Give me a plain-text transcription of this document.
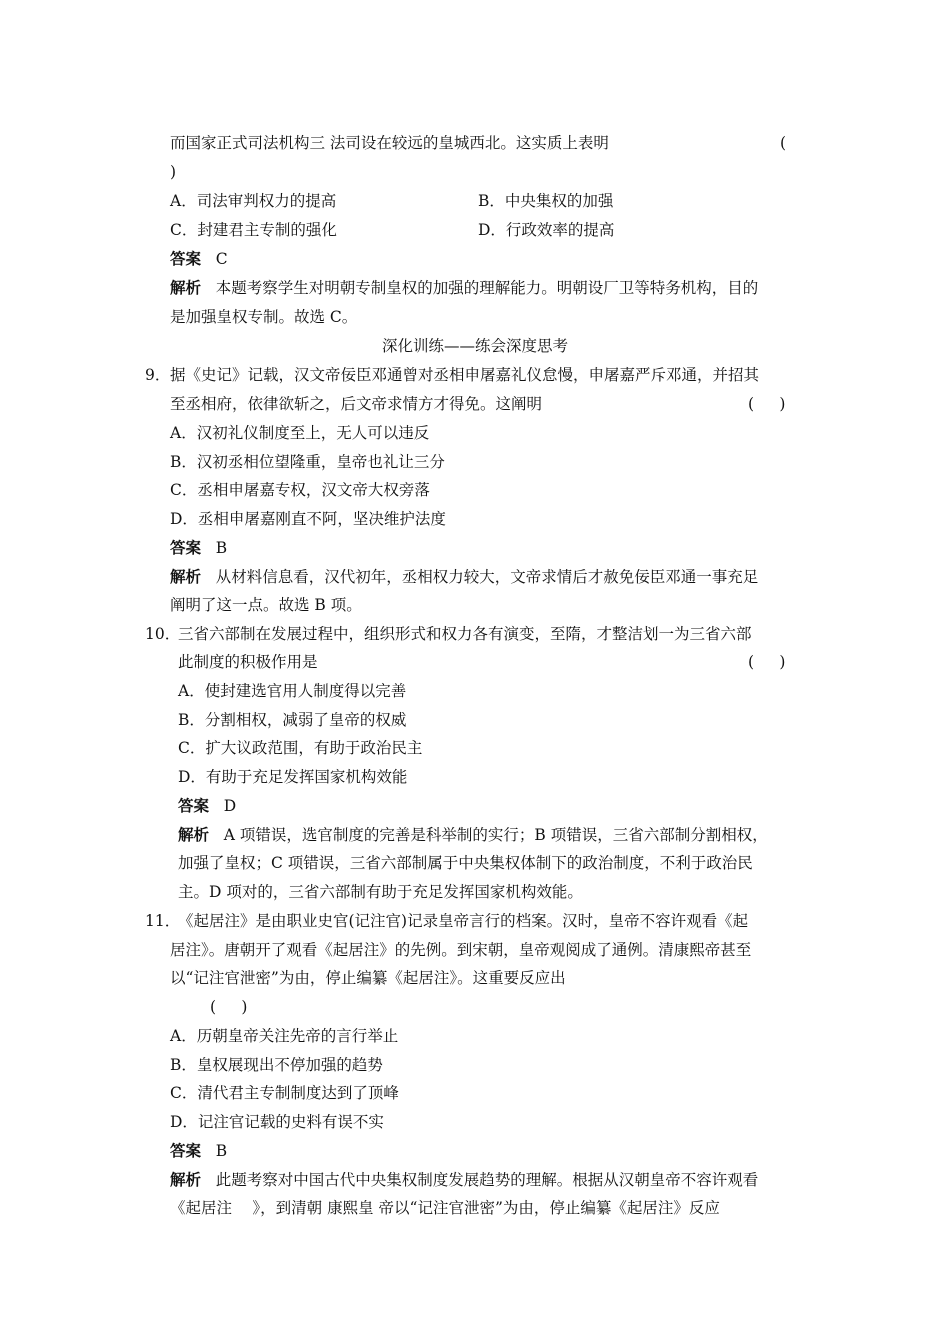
而国家正式司法机构三 法司设在较远的皇城西北。这实质上表明	(
)
A．司法审判权力的提高	B．中央集权的加强
C．封建君主专制的强化	D．行政效率的提高
答案 C
解析 本题考察学生对明朝专制皇权的加强的理解能力。明朝设厂卫等特务机构，目的
是加强皇权专制。故选 C。
深化训练——练会深度思考
9． 据《史记》记载，汉文帝佞臣邓通曾对丞相申屠嘉礼仪怠慢，申屠嘉严斥邓通，并招其
至丞相府，依律欲斩之，后文帝求情方才得免。这阐明	(　  )
A．汉初礼仪制度至上，无人可以违反
B．汉初丞相位望隆重，皇帝也礼让三分
C．丞相申屠嘉专权，汉文帝大权旁落
D．丞相申屠嘉刚直不阿，坚决维护法度
答案 B
解析 从材料信息看，汉代初年，丞相权力较大，文帝求情后才赦免佞臣邓通一事充足
阐明了这一点。故选 B 项。
10．
三省六部制在发展过程中，组织形式和权力各有演变，至隋，才整洁划一为三省六部
此制度的积极作用是	(　  )
A．使封建选官用人制度得以完善
B．分割相权，减弱了皇帝的权威
C．扩大议政范围，有助于政治民主
D．有助于充足发挥国家机构效能
答案 D
解析 A 项错误，选官制度的完善是科举制的实行；B 项错误，三省六部制分割相权，
加强了皇权；C 项错误，三省六部制属于中央集权体制下的政治制度，不利于政治民
主。D 项对的，三省六部制有助于充足发挥国家机构效能。
11．
《起居注》是由职业史官(记注官)记录皇帝言行的档案。汉时，皇帝不容许观看《起
居注》。唐朝开了观看《起居注》的先例。到宋朝，皇帝观阅成了通例。清康熙帝甚至
以“记注官泄密”为由，停止编纂《起居注》。这重要反应出
(　  )
A．历朝皇帝关注先帝的言行举止
B．皇权展现出不停加强的趋势
C．清代君主专制制度达到了顶峰
D．记注官记载的史料有误不实
答案 B
解析 此题考察对中国古代中央集权制度发展趋势的理解。根据从汉朝皇帝不容许观看
《起居注　 》，到清朝 康熙皇 帝以“记注官泄密”为由，停止编纂《起居注》反应
